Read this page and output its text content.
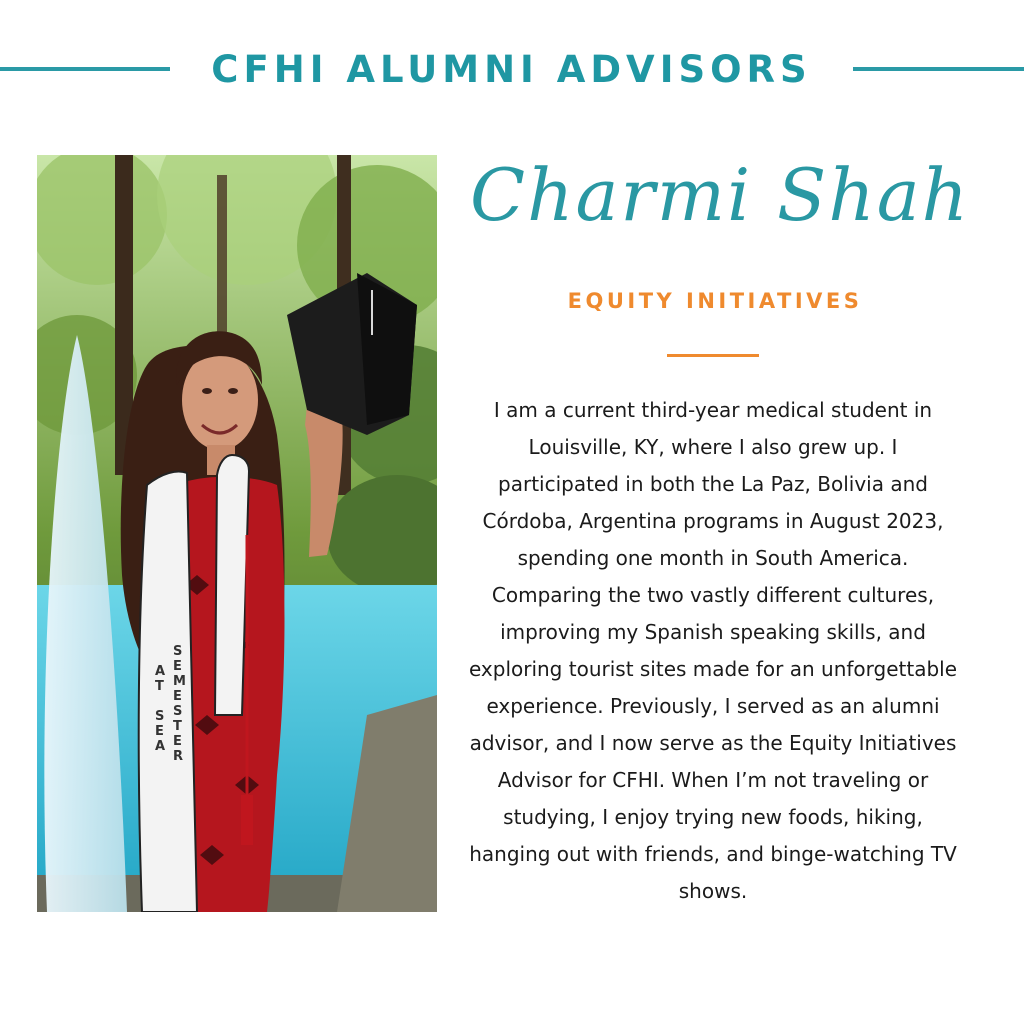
CFHI ALUMNI ADVISORS
S E M E S T E R
A T S E A
Charmi Shah
EQUITY INITIATIVES

I am a current third-year medical student in Louisville, KY, where I also grew up. I participated in both the La Paz, Bolivia and Córdoba, Argentina programs in August 2023, spending one month in South America. Comparing the two vastly different cultures, improving my Spanish speaking skills, and exploring tourist sites made for an unforgettable experience. Previously, I served as an alumni advisor, and I now serve as the Equity Initiatives Advisor for CFHI. When I’m not traveling or studying, I enjoy trying new foods, hiking, hanging out with friends, and binge-watching TV shows.
